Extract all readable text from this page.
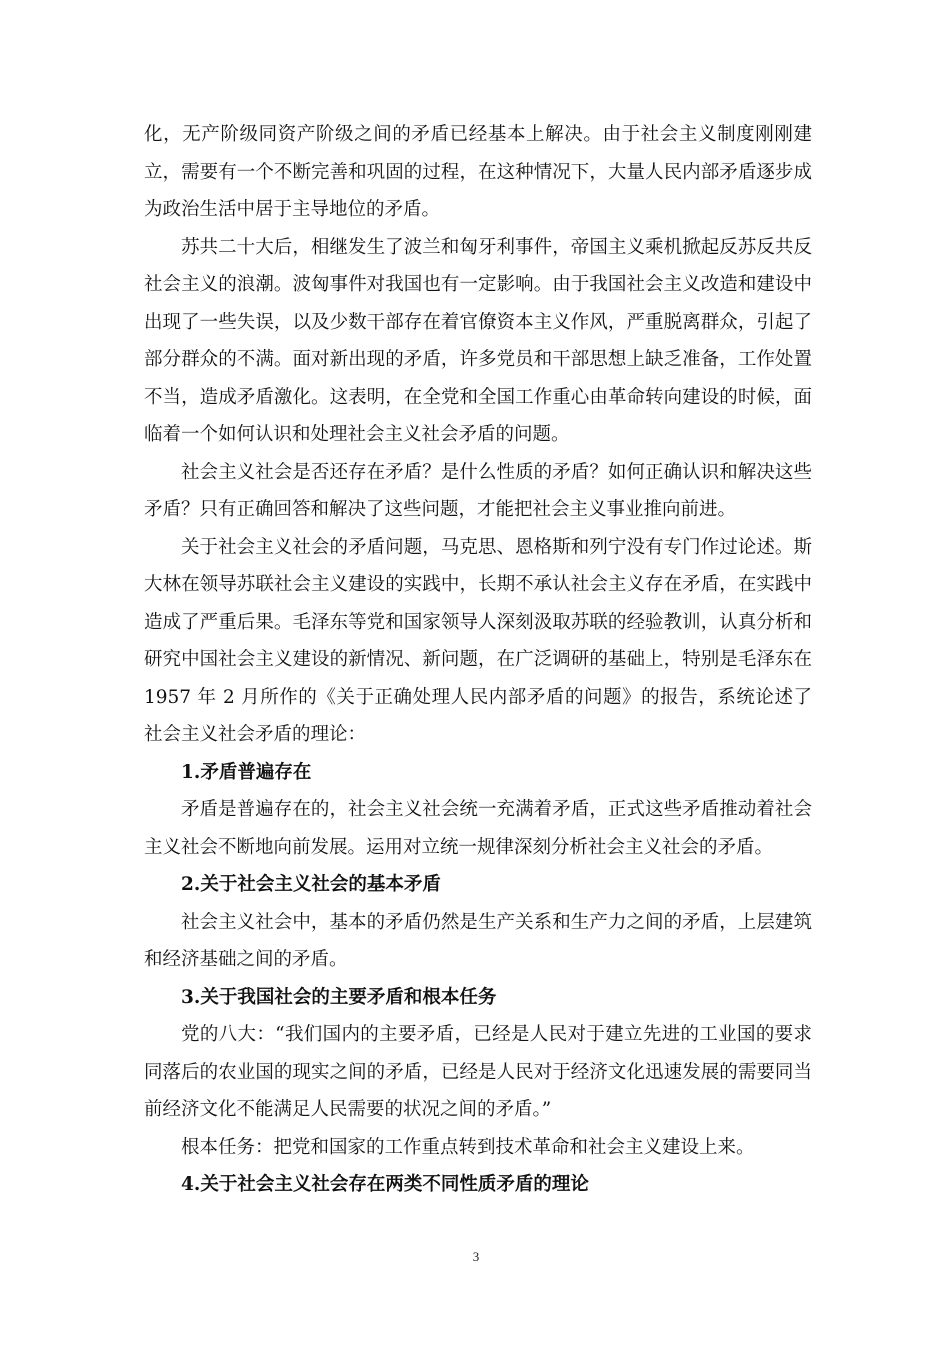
化，无产阶级同资产阶级之间的矛盾已经基本上解决。由于社会主义制度刚刚建立，需要有一个不断完善和巩固的过程，在这种情况下，大量人民内部矛盾逐步成为政治生活中居于主导地位的矛盾。

苏共二十大后，相继发生了波兰和匈牙利事件，帝国主义乘机掀起反苏反共反社会主义的浪潮。波匈事件对我国也有一定影响。由于我国社会主义改造和建设中出现了一些失误，以及少数干部存在着官僚资本主义作风，严重脱离群众，引起了部分群众的不满。面对新出现的矛盾，许多党员和干部思想上缺乏准备，工作处置不当，造成矛盾激化。这表明，在全党和全国工作重心由革命转向建设的时候，面临着一个如何认识和处理社会主义社会矛盾的问题。

社会主义社会是否还存在矛盾？是什么性质的矛盾？如何正确认识和解决这些矛盾？只有正确回答和解决了这些问题，才能把社会主义事业推向前进。

关于社会主义社会的矛盾问题，马克思、恩格斯和列宁没有专门作过论述。斯大林在领导苏联社会主义建设的实践中，长期不承认社会主义存在矛盾，在实践中造成了严重后果。毛泽东等党和国家领导人深刻汲取苏联的经验教训，认真分析和研究中国社会主义建设的新情况、新问题，在广泛调研的基础上，特别是毛泽东在 1957 年 2 月所作的《关于正确处理人民内部矛盾的问题》的报告，系统论述了社会主义社会矛盾的理论：

1.矛盾普遍存在

矛盾是普遍存在的，社会主义社会统一充满着矛盾，正式这些矛盾推动着社会主义社会不断地向前发展。运用对立统一规律深刻分析社会主义社会的矛盾。

2.关于社会主义社会的基本矛盾

社会主义社会中，基本的矛盾仍然是生产关系和生产力之间的矛盾，上层建筑和经济基础之间的矛盾。

3.关于我国社会的主要矛盾和根本任务

党的八大：“我们国内的主要矛盾，已经是人民对于建立先进的工业国的要求同落后的农业国的现实之间的矛盾，已经是人民对于经济文化迅速发展的需要同当前经济文化不能满足人民需要的状况之间的矛盾。”

根本任务：把党和国家的工作重点转到技术革命和社会主义建设上来。

4.关于社会主义社会存在两类不同性质矛盾的理论

3
